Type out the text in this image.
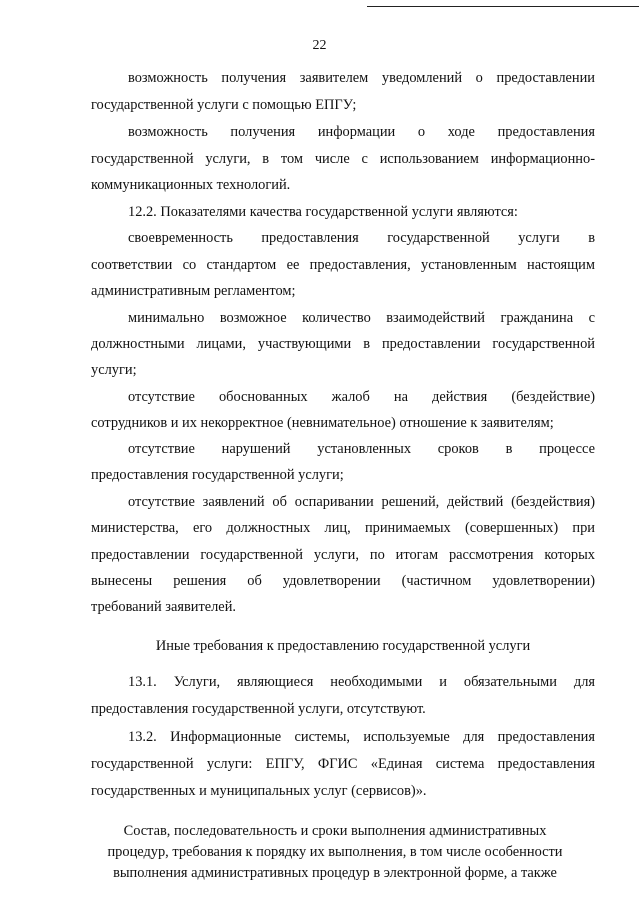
22
возможность получения заявителем уведомлений о предоставлении
государственной услуги с помощью ЕПГУ;
возможность получения информации о ходе предоставления
государственной услуги, в том числе с использованием информационно-
коммуникационных технологий.
12.2. Показателями качества государственной услуги являются:
своевременность предоставления государственной услуги в
соответствии со стандартом ее предоставления, установленным настоящим
административным регламентом;
минимально возможное количество взаимодействий гражданина с
должностными лицами, участвующими в предоставлении государственной
услуги;
отсутствие обоснованных жалоб на действия (бездействие)
сотрудников и их некорректное (невнимательное) отношение к заявителям;
отсутствие нарушений установленных сроков в процессе
предоставления государственной услуги;
отсутствие заявлений об оспаривании решений, действий (бездействия)
министерства, его должностных лиц, принимаемых (совершенных) при
предоставлении государственной услуги, по итогам рассмотрения которых
вынесены решения об удовлетворении (частичном удовлетворении)
требований заявителей.
Иные требования к предоставлению государственной услуги
13.1. Услуги, являющиеся необходимыми и обязательными для
предоставления государственной услуги, отсутствуют.
13.2. Информационные системы, используемые для предоставления
государственной услуги: ЕПГУ, ФГИС «Единая система предоставления
государственных и муниципальных услуг (сервисов)».
Состав, последовательность и сроки выполнения административных
процедур, требования к порядку их выполнения, в том числе особенности
выполнения административных процедур в электронной форме, а также
